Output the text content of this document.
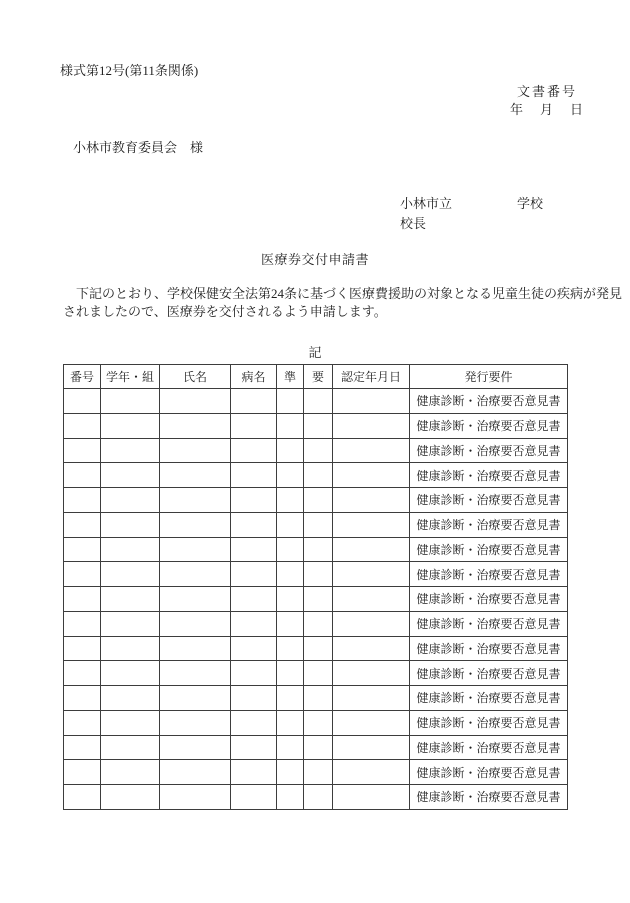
様式第12号(第11条関係)
文書番号
年　月　日
小林市教育委員会　様
小林市立	学校
校長
医療券交付申請書
　下記のとおり、学校保健安全法第24条に基づく医療費援助の対象となる児童生徒の疾病が発見
されましたので、医療券を交付されるよう申請します。
記
番号	学年・組	氏名	病名	準	要	認定年月日	発行要件
							健康診断・治療要否意見書
							健康診断・治療要否意見書
							健康診断・治療要否意見書
							健康診断・治療要否意見書
							健康診断・治療要否意見書
							健康診断・治療要否意見書
							健康診断・治療要否意見書
							健康診断・治療要否意見書
							健康診断・治療要否意見書
							健康診断・治療要否意見書
							健康診断・治療要否意見書
							健康診断・治療要否意見書
							健康診断・治療要否意見書
							健康診断・治療要否意見書
							健康診断・治療要否意見書
							健康診断・治療要否意見書
							健康診断・治療要否意見書
